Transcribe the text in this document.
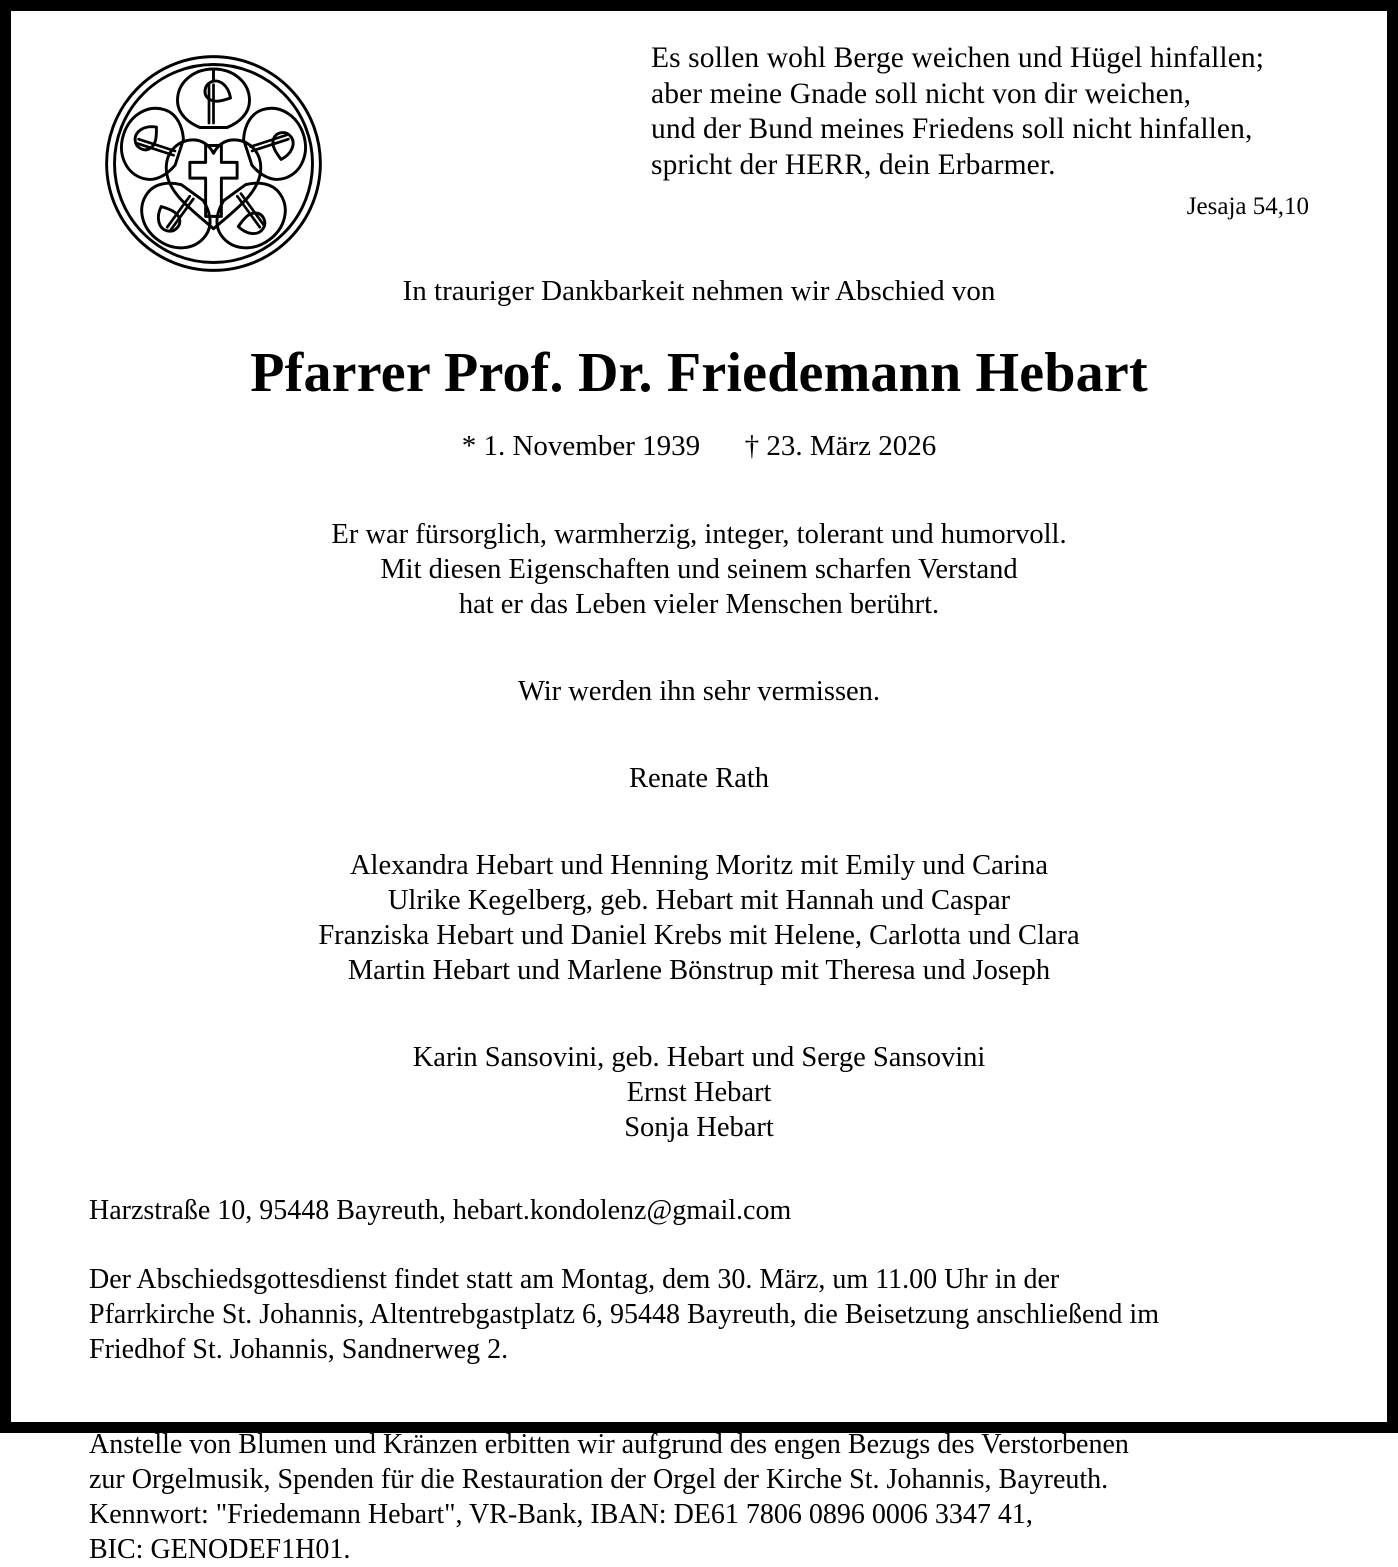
Es sollen wohl Berge weichen und Hügel hinfallen;
aber meine Gnade soll nicht von dir weichen,
und der Bund meines Friedens soll nicht hinfallen,
spricht der HERR, dein Erbarmer.
Jesaja 54,10
In trauriger Dankbarkeit nehmen wir Abschied von
Pfarrer Prof. Dr. Friedemann Hebart
* 1. November 1939 † 23. März 2026
Er war fürsorglich, warmherzig, integer, tolerant und humorvoll.
Mit diesen Eigenschaften und seinem scharfen Verstand
hat er das Leben vieler Menschen berührt.
Wir werden ihn sehr vermissen.
Renate Rath
Alexandra Hebart und Henning Moritz mit Emily und Carina
Ulrike Kegelberg, geb. Hebart mit Hannah und Caspar
Franziska Hebart und Daniel Krebs mit Helene, Carlotta und Clara
Martin Hebart und Marlene Bönstrup mit Theresa und Joseph
Karin Sansovini, geb. Hebart und Serge Sansovini
Ernst Hebart
Sonja Hebart
Harzstraße 10, 95448 Bayreuth, hebart.kondolenz@gmail.com
Der Abschiedsgottesdienst findet statt am Montag, dem 30. März, um 11.00 Uhr in der
Pfarrkirche St. Johannis, Altentrebgastplatz 6, 95448 Bayreuth, die Beisetzung anschließend im
Friedhof St. Johannis, Sandnerweg 2.
Anstelle von Blumen und Kränzen erbitten wir aufgrund des engen Bezugs des Verstorbenen
zur Orgelmusik, Spenden für die Restauration der Orgel der Kirche St. Johannis, Bayreuth.
Kennwort: "Friedemann Hebart", VR-Bank, IBAN: DE61 7806 0896 0006 3347 41,
BIC: GENODEF1H01.
